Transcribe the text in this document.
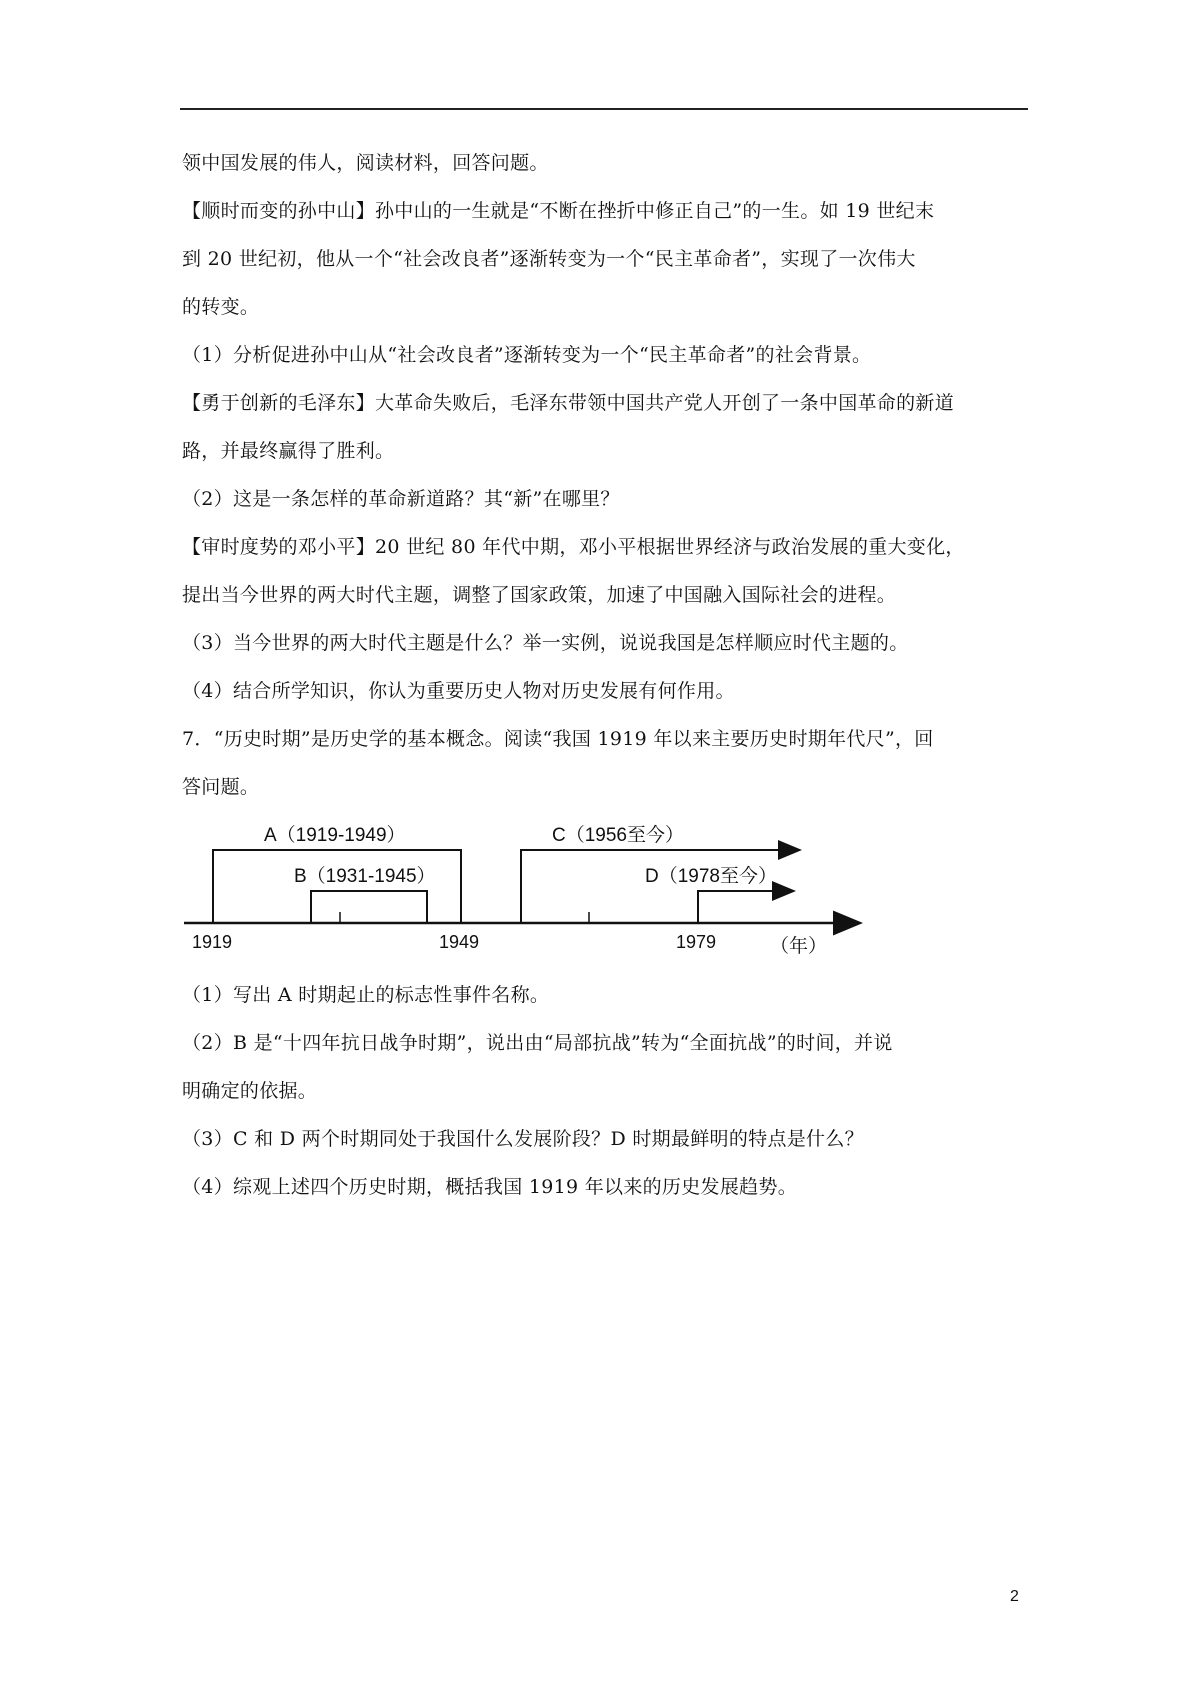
领中国发展的伟人，阅读材料，回答问题。
【顺时而变的孙中山】孙中山的一生就是“不断在挫折中修正自己”的一生。如 19 世纪末
到 20 世纪初，他从一个“社会改良者”逐渐转变为一个“民主革命者”，实现了一次伟大
的转变。
（1）分析促进孙中山从“社会改良者”逐渐转变为一个“民主革命者”的社会背景。
【勇于创新的毛泽东】大革命失败后，毛泽东带领中国共产党人开创了一条中国革命的新道
路，并最终赢得了胜利。
（2）这是一条怎样的革命新道路？其“新”在哪里？
【审时度势的邓小平】20 世纪 80 年代中期，邓小平根据世界经济与政治发展的重大变化，
提出当今世界的两大时代主题，调整了国家政策，加速了中国融入国际社会的进程。
（3）当今世界的两大时代主题是什么？举一实例，说说我国是怎样顺应时代主题的。
（4）结合所学知识，你认为重要历史人物对历史发展有何作用。
7．“历史时期”是历史学的基本概念。阅读“我国 1919 年以来主要历史时期年代尺”，回
答问题。
A（1919-1949）
B（1931-1945）
C（1956至今）
D（1978至今）
1919	1949	1979	（年）
（1）写出 A 时期起止的标志性事件名称。
（2）B 是“十四年抗日战争时期”，说出由“局部抗战”转为“全面抗战”的时间，并说
明确定的依据。
（3）C 和 D 两个时期同处于我国什么发展阶段？D 时期最鲜明的特点是什么？
（4）综观上述四个历史时期，概括我国 1919 年以来的历史发展趋势。
2
